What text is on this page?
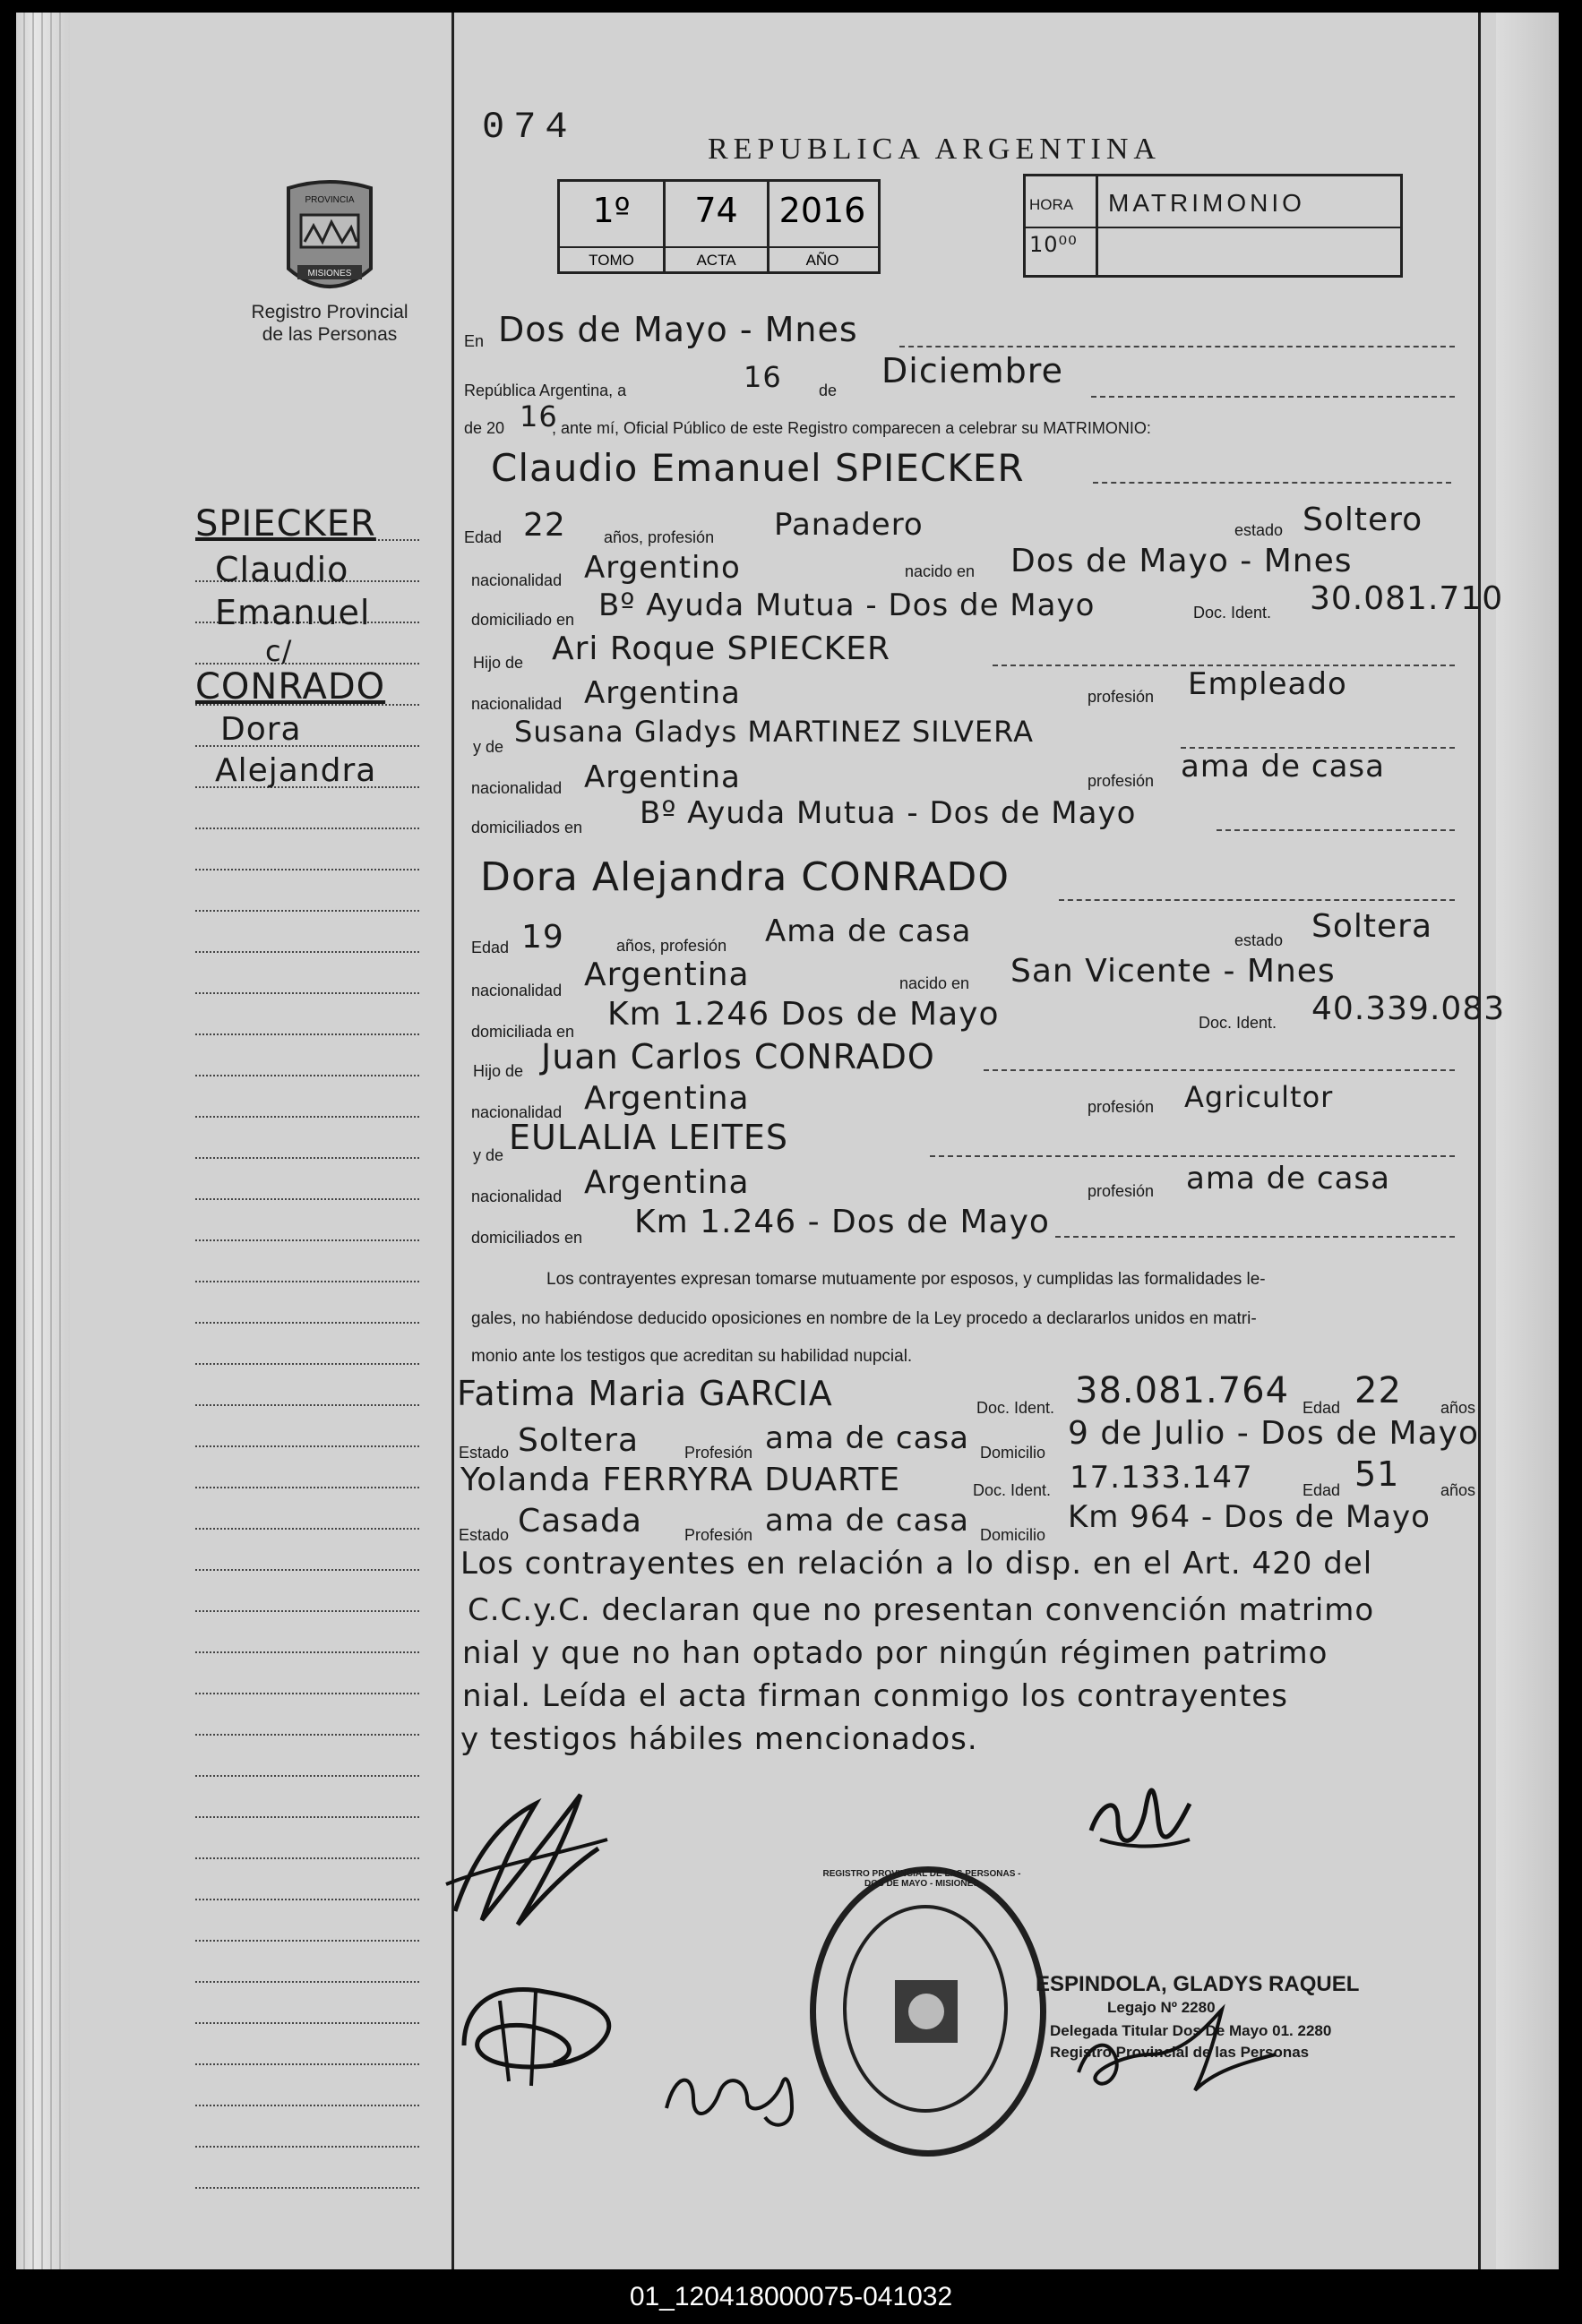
PROVINCIA
MISIONES
Registro Provincial
de las Personas
SPIECKER
Claudio
Emanuel
c/
CONRADO
Dora
Alejandra
074
REPUBLICA ARGENTINA
1º
TOMO
74
ACTA
2016
AÑO
HORA
10⁰⁰
MATRIMONIO
En Dos de Mayo - Mnes
República Argentina, a	16 de Diciembre
de 20 16
, ante mí, Oficial Público de este Registro comparecen a celebrar su MATRIMONIO:
Claudio Emanuel SPIECKER
Edad 22 años, profesión Panadero	estado Soltero
nacionalidad Argentino	nacido en Dos de Mayo - Mnes
domiciliado en Bº Ayuda Mutua - Dos de Mayo	Doc. Ident. 30.081.710
Hijo de Ari Roque SPIECKER
nacionalidad Argentina	profesión Empleado
y de Susana Gladys MARTINEZ SILVERA
nacionalidad Argentina	profesión ama de casa
domiciliados en Bº Ayuda Mutua - Dos de Mayo
Dora Alejandra CONRADO
Edad 19	años, profesión Ama de casa	estado Soltera
nacionalidad Argentina	nacido en San Vicente - Mnes
domiciliada en Km 1.246 Dos de Mayo	Doc. Ident. 40.339.083
Hijo de Juan Carlos CONRADO
nacionalidad Argentina	profesión Agricultor
y de EULALIA LEITES
nacionalidad Argentina	profesión ama de casa
domiciliados en Km 1.246 - Dos de Mayo
Los contrayentes expresan tomarse mutuamente por esposos, y cumplidas las formalidades le-
gales, no habiéndose deducido oposiciones en nombre de la Ley procedo a declararlos unidos en matri-
monio ante los testigos que acreditan su habilidad nupcial.
Fatima Maria GARCIA	Doc. Ident. 38.081.764 Edad 22 años
Estado Soltera	Profesión ama de casa Domicilio
9 de Julio - Dos de Mayo
Yolanda FERRYRA DUARTE	Doc. Ident. 17.133.147	Edad 51	años
Estado Casada	Profesión ama de casa Domicilio Km 964 - Dos de Mayo
Los contrayentes en relación a lo disp. en el Art. 420 del
C.C.y.C. declaran que no presentan convención matrimo
nial y que no han optado por ningún régimen patrimo
nial. Leída el acta firman conmigo los contrayentes
y testigos hábiles mencionados.
REGISTRO PROVINCIAL DE LAS PERSONAS - DOS DE MAYO - MISIONES
ESPINDOLA, GLADYS RAQUEL
Legajo Nº 2280
Delegada Titular Dos De Mayo 01. 2280
Registro Provincial de las Personas
01_120418000075-041032
